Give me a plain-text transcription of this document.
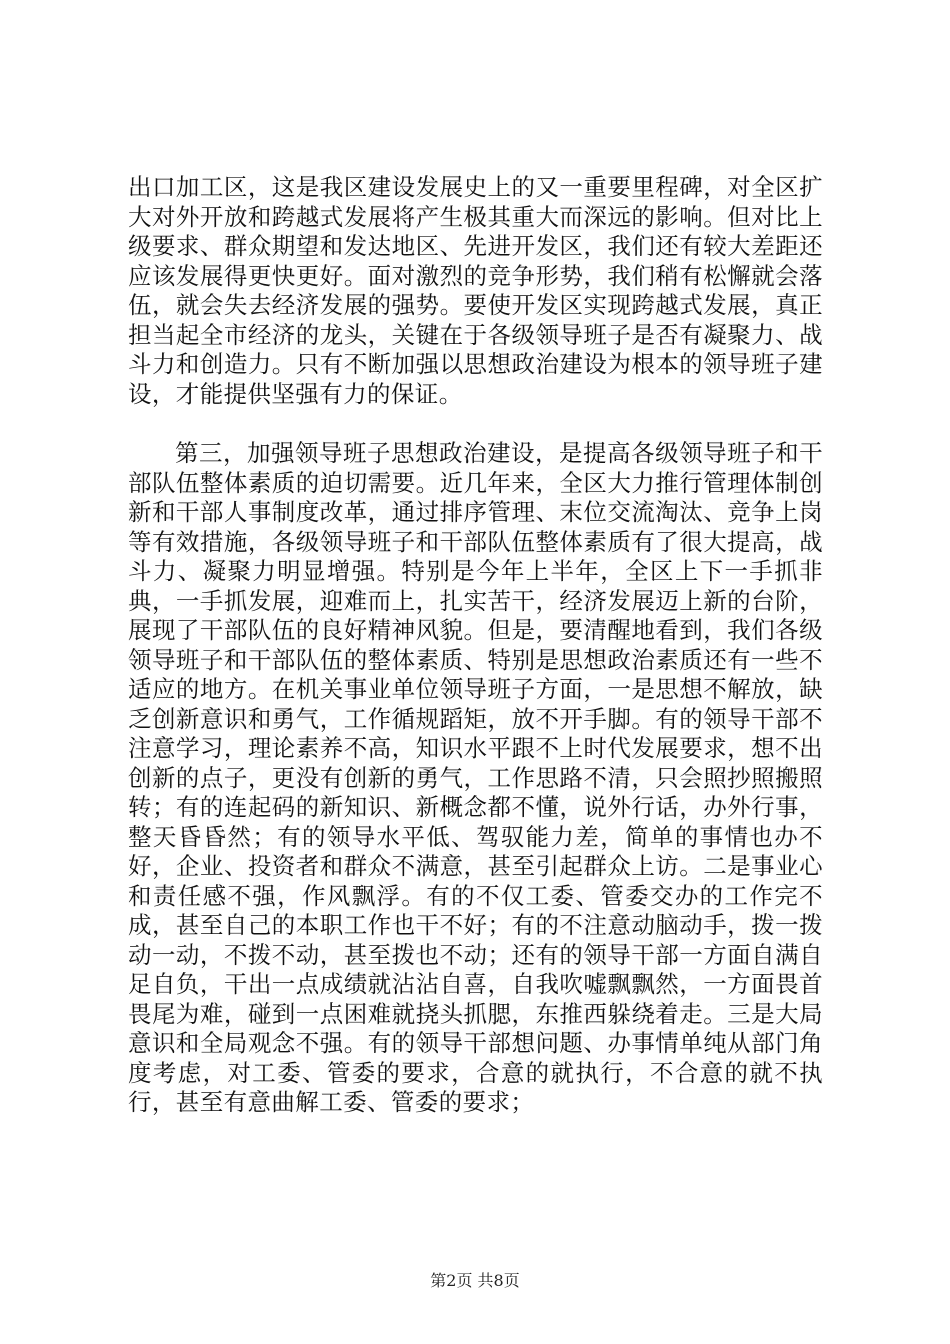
出口加工区，这是我区建设发展史上的又一重要里程碑，对全区扩大对外开放和跨越式发展将产生极其重大而深远的影响。但对比上级要求、群众期望和发达地区、先进开发区，我们还有较大差距还应该发展得更快更好。面对激烈的竞争形势，我们稍有松懈就会落伍，就会失去经济发展的强势。要使开发区实现跨越式发展，真正担当起全市经济的龙头，关键在于各级领导班子是否有凝聚力、战斗力和创造力。只有不断加强以思想政治建设为根本的领导班子建设，才能提供坚强有力的保证。

第三，加强领导班子思想政治建设，是提高各级领导班子和干部队伍整体素质的迫切需要。近几年来，全区大力推行管理体制创新和干部人事制度改革，通过排序管理、末位交流淘汰、竞争上岗等有效措施，各级领导班子和干部队伍整体素质有了很大提高，战斗力、凝聚力明显增强。特别是今年上半年，全区上下一手抓非典，一手抓发展，迎难而上，扎实苦干，经济发展迈上新的台阶，展现了干部队伍的良好精神风貌。但是，要清醒地看到，我们各级领导班子和干部队伍的整体素质、特别是思想政治素质还有一些不适应的地方。在机关事业单位领导班子方面，一是思想不解放，缺乏创新意识和勇气，工作循规蹈矩，放不开手脚。有的领导干部不注意学习，理论素养不高，知识水平跟不上时代发展要求，想不出创新的点子，更没有创新的勇气，工作思路不清，只会照抄照搬照转；有的连起码的新知识、新概念都不懂，说外行话，办外行事，整天昏昏然；有的领导水平低、驾驭能力差，简单的事情也办不好，企业、投资者和群众不满意，甚至引起群众上访。二是事业心和责任感不强，作风飘浮。有的不仅工委、管委交办的工作完不成，甚至自己的本职工作也干不好；有的不注意动脑动手，拨一拨动一动，不拨不动，甚至拨也不动；还有的领导干部一方面自满自足自负，干出一点成绩就沾沾自喜，自我吹嘘飘飘然，一方面畏首畏尾为难，碰到一点困难就挠头抓腮，东推西躲绕着走。三是大局意识和全局观念不强。有的领导干部想问题、办事情单纯从部门角度考虑，对工委、管委的要求，合意的就执行，不合意的就不执行，甚至有意曲解工委、管委的要求；

第2页 共8页
